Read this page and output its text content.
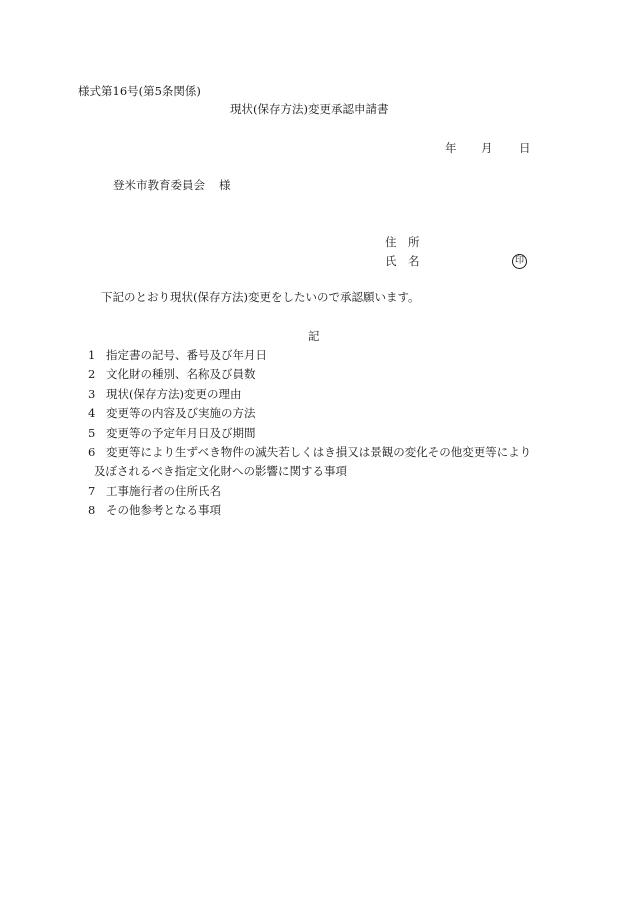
様式第16号(第5条関係)
現状(保存方法)変更承認申請書
年 月 日
登米市教育委員会 様
住　所
氏　名	印
下記のとおり現状(保存方法)変更をしたいので承認願います。
記
1 指定書の記号、番号及び年月日
2 文化財の種別、名称及び員数
3 現状(保存方法)変更の理由
4 変更等の内容及び実施の方法
5 変更等の予定年月日及び期間
6 変更等により生ずべき物件の滅失若しくはき損又は景観の変化その他変更等により
及ぼされるべき指定文化財への影響に関する事項
7 工事施行者の住所氏名
8 その他参考となる事項
